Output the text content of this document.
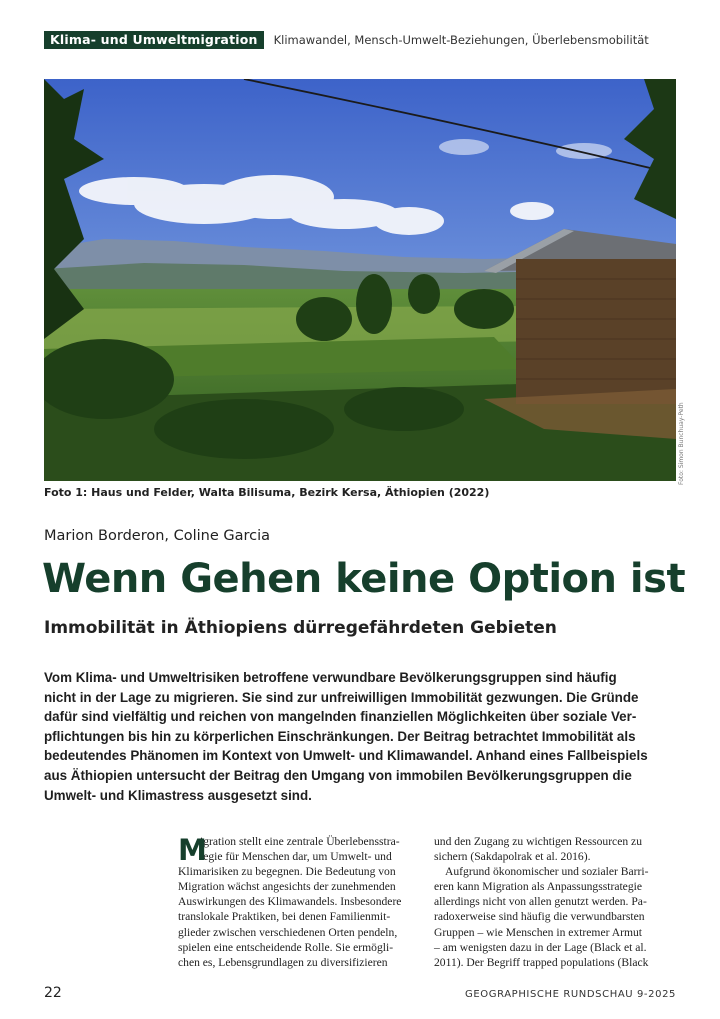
Klima- und Umweltmigration	Klimawandel, Mensch-Umwelt-Beziehungen, Überlebensmobilität
Foto: Simon Bunchuay-Peth
Foto 1: Haus und Felder, Walta Bilisuma, Bezirk Kersa, Äthiopien (2022)
Marion Borderon, Coline Garcia
Wenn Gehen keine Option ist
Immobilität in Äthiopiens dürregefährdeten Gebieten

Vom Klima- und Umweltrisiken betroffene verwundbare Bevölkerungsgruppen sind häufig
nicht in der Lage zu migrieren. Sie sind zur unfreiwilligen Immobilität gezwungen. Die Gründe
dafür sind vielfältig und reichen von mangelnden finanziellen Möglichkeiten über soziale Ver-
pflichtungen bis hin zu körperlichen Einschränkungen. Der Beitrag betrachtet Immobilität als
bedeutendes Phänomen im Kontext von Umwelt- und Klimawandel. Anhand eines Fallbeispiels
aus Äthiopien untersucht der Beitrag den Umgang von immobilen Bevölkerungsgruppen die
Umwelt- und Klimastress ausgesetzt sind.

M
igration stellt eine zentrale Überlebensstra-
tegie für Menschen dar, um Umwelt- und
Klimarisiken zu begegnen. Die Bedeutung von
Migration wächst angesichts der zunehmenden
Auswirkungen des Klimawandels. Insbesondere
translokale Praktiken, bei denen Familienmit-
glieder zwischen verschiedenen Orten pendeln,
spielen eine entscheidende Rolle. Sie ermögli-
chen es, Lebensgrundlagen zu diversifizieren
und den Zugang zu wichtigen Ressourcen zu
sichern (Sakdapolrak et al. 2016).
Aufgrund ökonomischer und sozialer Barri-
eren kann Migration als Anpassungsstrategie
allerdings nicht von allen genutzt werden. Pa-
radoxerweise sind häufig die verwundbarsten
Gruppen – wie Menschen in extremer Armut
– am wenigsten dazu in der Lage (Black et al.
2011). Der Begriff trapped populations (Black
22	GEOGRAPHISCHE RUNDSCHAU 9-2025
